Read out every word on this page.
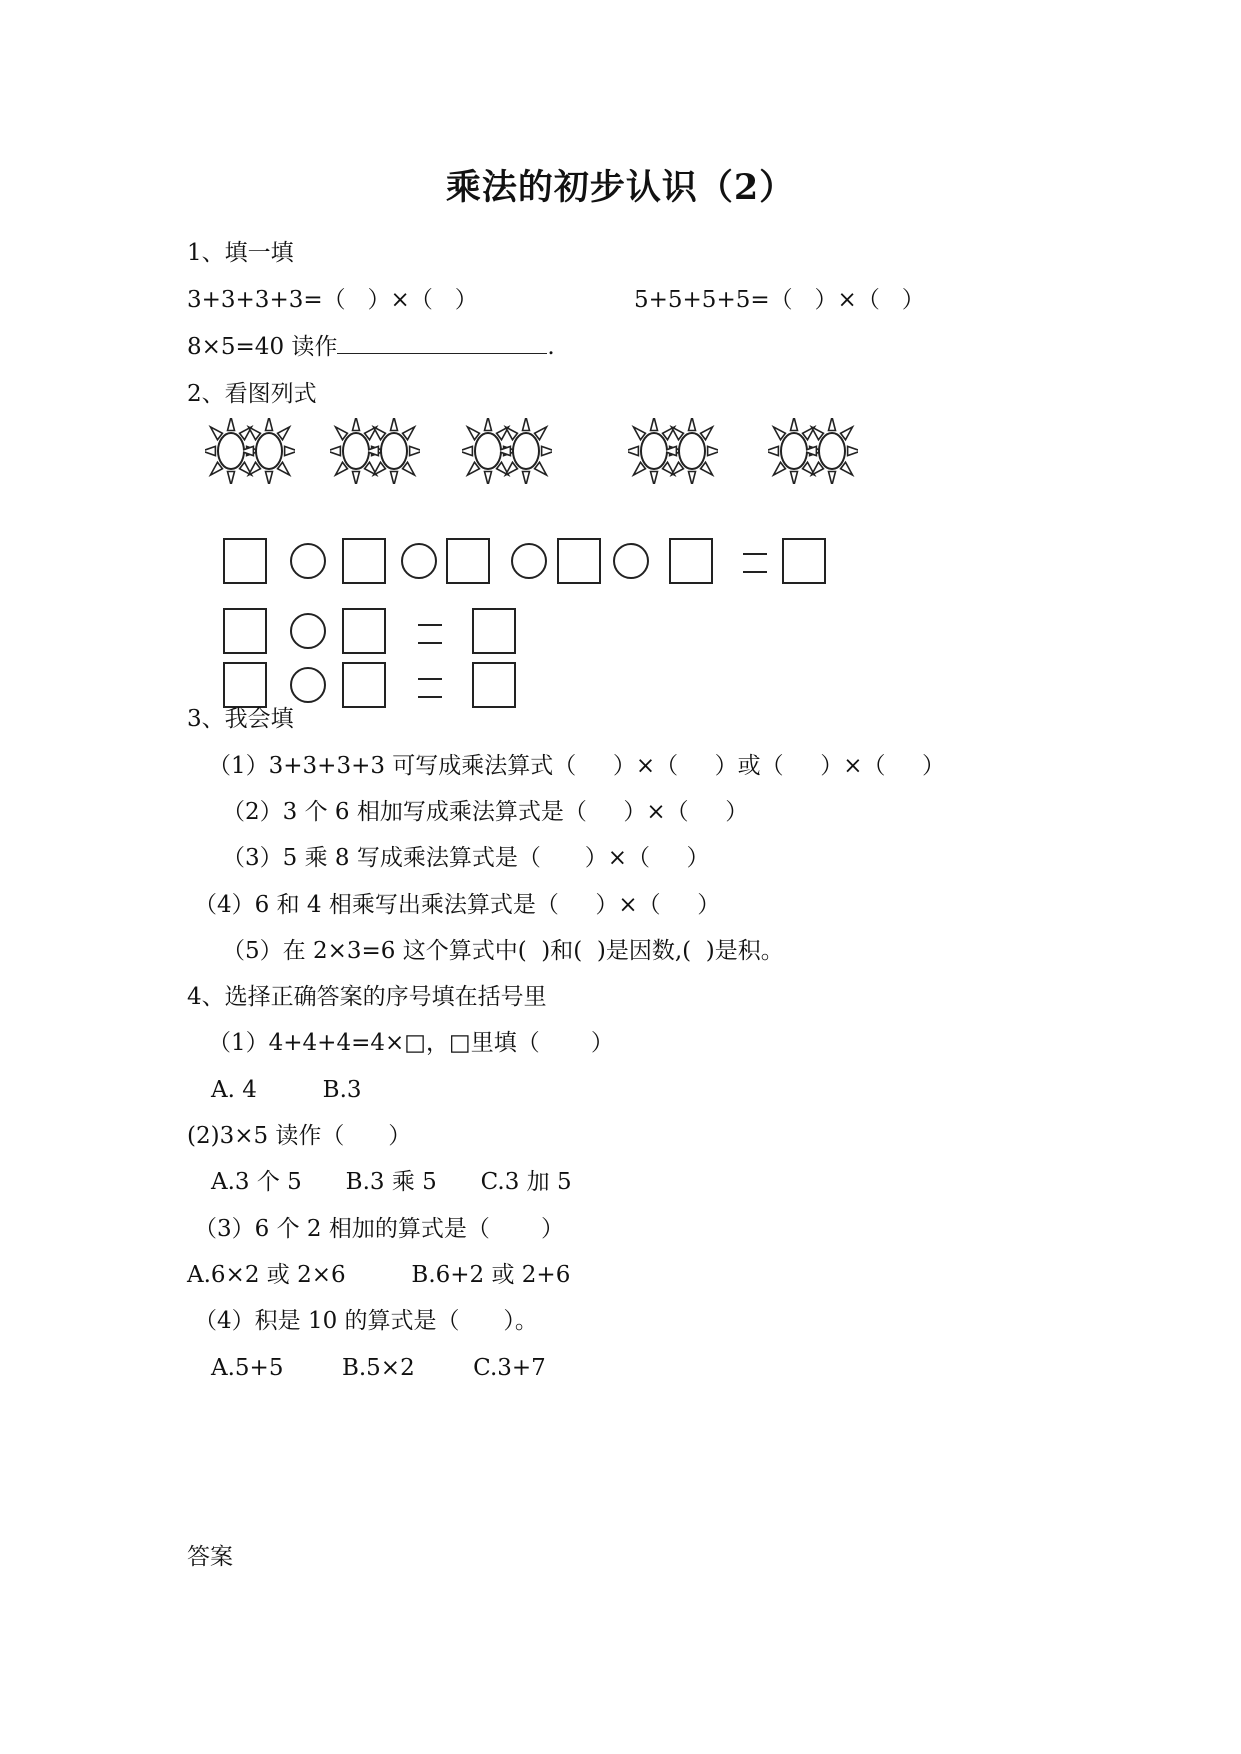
乘法的初步认识（2）
1、填一填
3+3+3+3=（   ）×（   ）	5+5+5+5=（   ）×（   ）
8×5=40 读作	.
2、看图列式
3、我会填
（1）3+3+3+3 可写成乘法算式（     ）×（     ）或（     ）×（     ）
（2）3 个 6 相加写成乘法算式是（     ）×（     ）
（3）5 乘 8 写成乘法算式是（      ）×（     ）
（4）6 和 4 相乘写出乘法算式是（     ）×（     ）
（5）在 2×3=6 这个算式中(  )和(  )是因数,(  )是积。
4、选择正确答案的序号填在括号里
（1）4+4+4=4×□，□里填（       ）
A. 4         B.3
(2)3×5 读作（      ）
A.3 个 5      B.3 乘 5      C.3 加 5
（3）6 个 2 相加的算式是（       ）
A.6×2 或 2×6         B.6+2 或 2+6
（4）积是 10 的算式是（      ）。
A.5+5        B.5×2        C.3+7
答案
